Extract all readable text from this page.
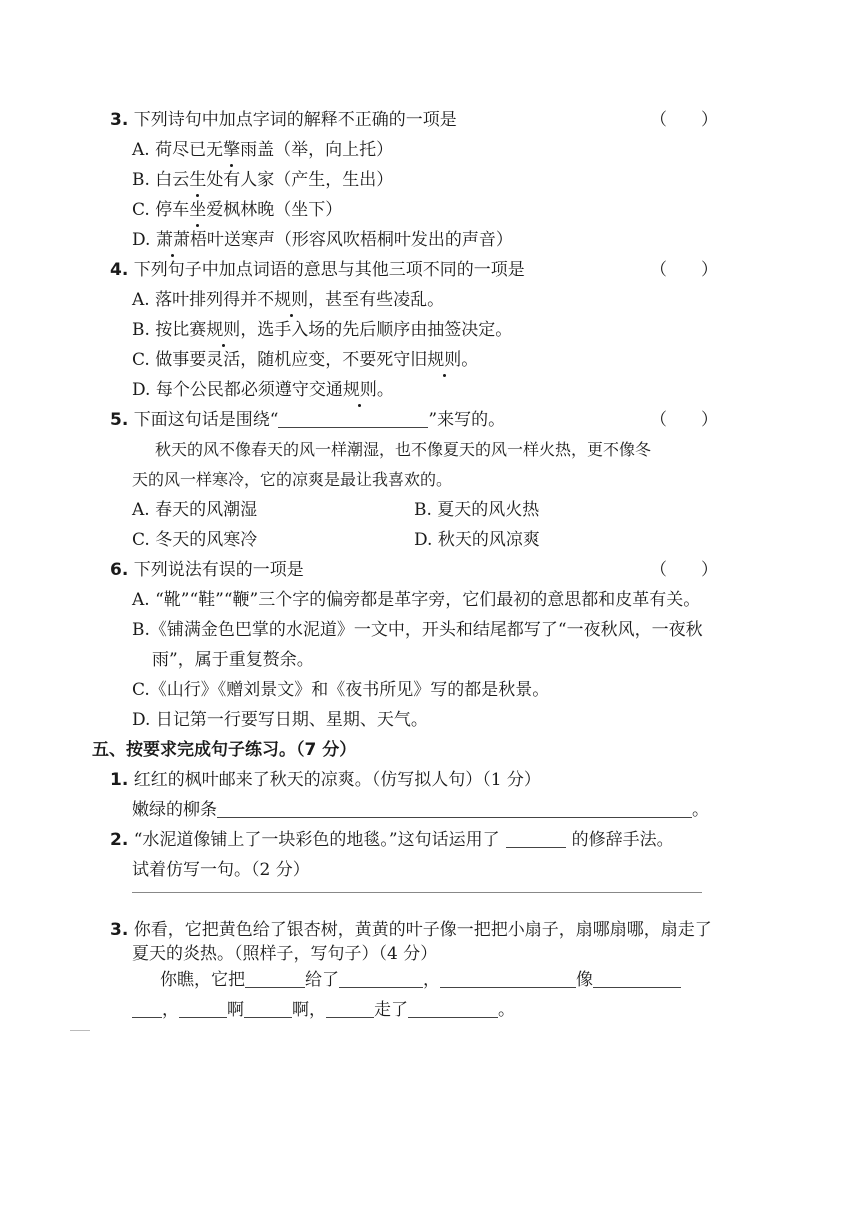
3. 下列诗句中加点字词的解释不正确的一项是	（　　）
A. 荷尽已无擎雨盖（举，向上托）
B. 白云生处有人家（产生，生出）
C. 停车坐爱枫林晚（坐下）
D. 萧萧梧叶送寒声（形容风吹梧桐叶发出的声音）
4. 下列句子中加点词语的意思与其他三项不同的一项是	（　　）
A. 落叶排列得并不规则，甚至有些凌乱。
B. 按比赛规则，选手入场的先后顺序由抽签决定。
C. 做事要灵活，随机应变，不要死守旧规则。
D. 每个公民都必须遵守交通规则。
5. 下面这句话是围绕“	”来写的。	（　　）
秋天的风不像春天的风一样潮湿，也不像夏天的风一样火热，更不像冬
天的风一样寒冷，它的凉爽是最让我喜欢的。
A. 春天的风潮湿	B. 夏天的风火热
C. 冬天的风寒冷	D. 秋天的风凉爽
6. 下列说法有误的一项是	（　　）
A. “靴”“鞋”“鞭”三个字的偏旁都是革字旁，它们最初的意思都和皮革有关。
B.《铺满金色巴掌的水泥道》一文中，开头和结尾都写了“一夜秋风，一夜秋
雨”，属于重复赘余。
C.《山行》《赠刘景文》和《夜书所见》写的都是秋景。
D. 日记第一行要写日期、星期、天气。
五、按要求完成句子练习。（7 分）
1. 红红的枫叶邮来了秋天的凉爽。（仿写拟人句）（1 分）
嫩绿的柳条	。
2. “水泥道像铺上了一块彩色的地毯。”这句话运用了	的修辞手法。
试着仿写一句。（2 分）
3. 你看，它把黄色给了银杏树，黄黄的叶子像一把把小扇子，扇哪扇哪，扇走了
夏天的炎热。（照样子，写句子）（4 分）
你瞧，它把	给了	，	像
，	啊	啊，	走了	。
